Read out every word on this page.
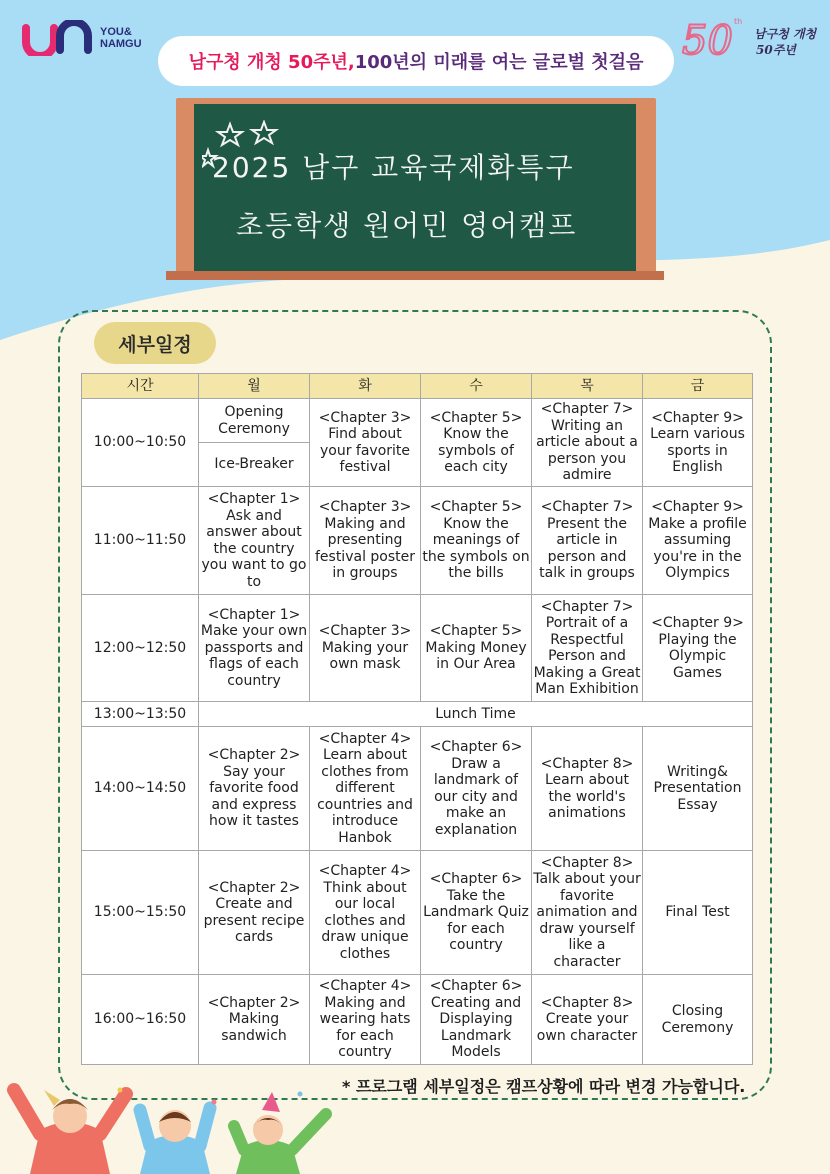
YOU&
NAMGU	50 th
남구청 개청
50주년
남구청 개청 50주년, 100년의 미래를 여는 글로벌 첫걸음
2025 남구 교육국제화특구
초등학생 원어민 영어캠프
세부일정
시간	월	화	수	목	금
10:00~10:50	Opening Ceremony	<Chapter 3> Find about your favorite festival	<Chapter 5> Know the symbols of each city	<Chapter 7> Writing an article about a person you admire	<Chapter 9> Learn various sports in English
	Ice-Breaker				
11:00~11:50	<Chapter 1> Ask and answer about the country you want to go to	<Chapter 3> Making and presenting festival poster in groups	<Chapter 5> Know the meanings of the symbols on the bills	<Chapter 7> Present the article in person and talk in groups	<Chapter 9> Make a profile assuming you're in the Olympics
12:00~12:50	<Chapter 1> Make your own passports and flags of each country	<Chapter 3> Making your own mask	<Chapter 5> Making Money in Our Area	<Chapter 7> Portrait of a Respectful Person and Making a Great Man Exhibition	<Chapter 9> Playing the Olympic Games
13:00~13:50	Lunch Time				
14:00~14:50	<Chapter 2> Say your favorite food and express how it tastes	<Chapter 4> Learn about clothes from different countries and introduce Hanbok	<Chapter 6> Draw a landmark of our city and make an explanation	<Chapter 8> Learn about the world's animations	Writing& Presentation Essay
15:00~15:50	<Chapter 2> Create and present recipe cards	<Chapter 4> Think about our local clothes and draw unique clothes	<Chapter 6> Take the Landmark Quiz for each country	<Chapter 8> Talk about your favorite animation and draw yourself like a character	Final Test
16:00~16:50	<Chapter 2> Making sandwich	<Chapter 4> Making and wearing hats for each country	<Chapter 6> Creating and Displaying Landmark Models	<Chapter 8> Create your own character	Closing Ceremony
* 프로그램 세부일정은 캠프상황에 따라 변경 가능합니다.
